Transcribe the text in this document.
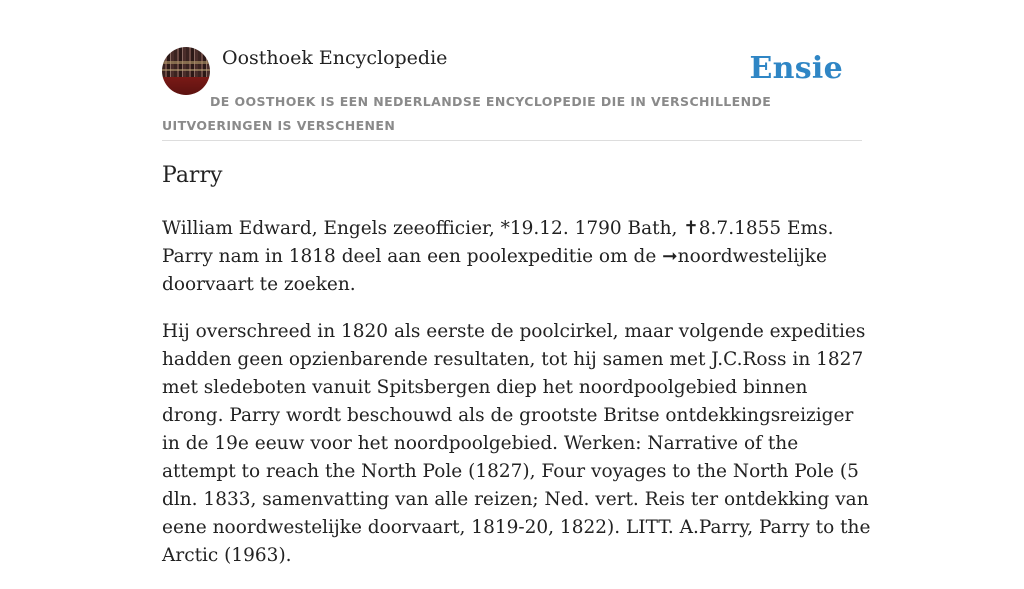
Oosthoek Encyclopedie	Ensie
DE OOSTHOEK IS EEN NEDERLANDSE ENCYCLOPEDIE DIE IN VERSCHILLENDE UITVOERINGEN IS VERSCHENEN
Parry

William Edward, Engels zeeofficier, *19.12. 1790 Bath, ✝8.7.1855 Ems. Parry nam in 1818 deel aan een poolexpeditie om de ➞noordwestelijke doorvaart te zoeken.

Hij overschreed in 1820 als eerste de poolcirkel, maar volgende expedities hadden geen opzienbarende resultaten, tot hij samen met J.C.Ross in 1827 met sledeboten vanuit Spitsbergen diep het noordpoolgebied binnen drong. Parry wordt beschouwd als de grootste Britse ontdekkingsreiziger in de 19e eeuw voor het noordpoolgebied. Werken: Narrative of the attempt to reach the North Pole (1827), Four voyages to the North Pole (5 dln. 1833, samenvatting van alle reizen; Ned. vert. Reis ter ontdekking van eene noordwestelijke doorvaart, 1819-20, 1822). LITT. A.Parry, Parry to the Arctic (1963).
